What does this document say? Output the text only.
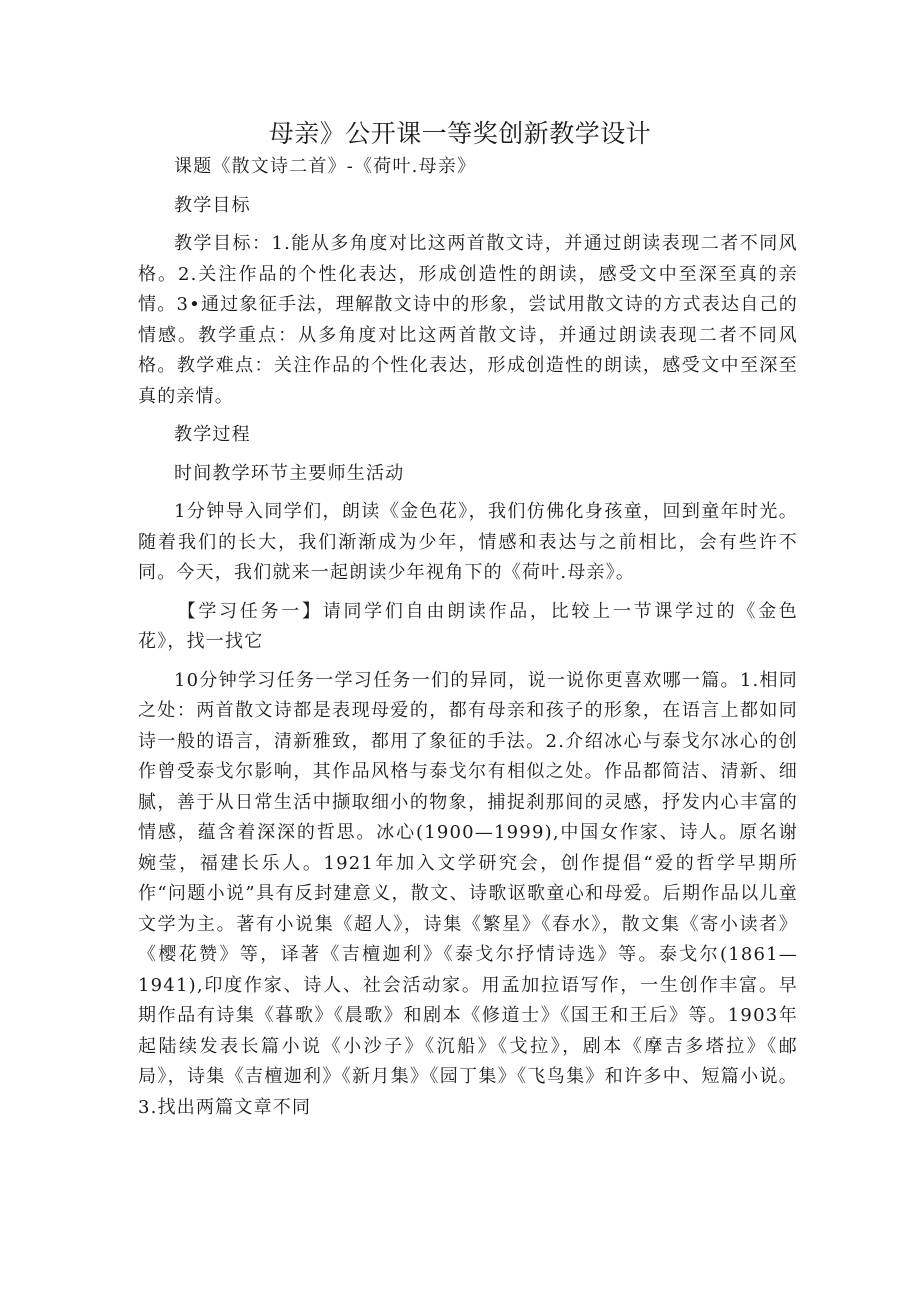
母亲》公开课一等奖创新教学设计

课题《散文诗二首》-《荷叶.母亲》

教学目标

教学目标：1.能从多角度对比这两首散文诗，并通过朗读表现二者不同风格。2.关注作品的个性化表达，形成创造性的朗读，感受文中至深至真的亲情。3•通过象征手法，理解散文诗中的形象，尝试用散文诗的方式表达自己的情感。教学重点：从多角度对比这两首散文诗，并通过朗读表现二者不同风格。教学难点：关注作品的个性化表达，形成创造性的朗读，感受文中至深至真的亲情。

教学过程

时间教学环节主要师生活动

1分钟导入同学们，朗读《金色花》，我们仿佛化身孩童，回到童年时光。随着我们的长大，我们渐渐成为少年，情感和表达与之前相比，会有些许不同。今天，我们就来一起朗读少年视角下的《荷叶.母亲》。

【学习任务一】请同学们自由朗读作品，比较上一节课学过的《金色花》，找一找它

10分钟学习任务一学习任务一们的异同，说一说你更喜欢哪一篇。1.相同之处：两首散文诗都是表现母爱的，都有母亲和孩子的形象，在语言上都如同诗一般的语言，清新雅致，都用了象征的手法。2.介绍冰心与泰戈尔冰心的创作曾受泰戈尔影响，其作品风格与泰戈尔有相似之处。作品都简洁、清新、细腻，善于从日常生活中撷取细小的物象，捕捉刹那间的灵感，抒发内心丰富的情感，蕴含着深深的哲思。冰心(1900—1999),中国女作家、诗人。原名谢婉莹，福建长乐人。1921年加入文学研究会，创作提倡“爱的哲学早期所作“问题小说”具有反封建意义，散文、诗歌讴歌童心和母爱。后期作品以儿童文学为主。著有小说集《超人》，诗集《繁星》《春水》，散文集《寄小读者》《樱花赞》等，译著《吉檀迦利》《泰戈尔抒情诗选》等。泰戈尔(1861—1941),印度作家、诗人、社会活动家。用孟加拉语写作，一生创作丰富。早期作品有诗集《暮歌》《晨歌》和剧本《修道士》《国王和王后》等。1903年起陆续发表长篇小说《小沙子》《沉船》《戈拉》，剧本《摩吉多塔拉》《邮局》，诗集《吉檀迦利》《新月集》《园丁集》《飞鸟集》和许多中、短篇小说。3.找出两篇文章不同
